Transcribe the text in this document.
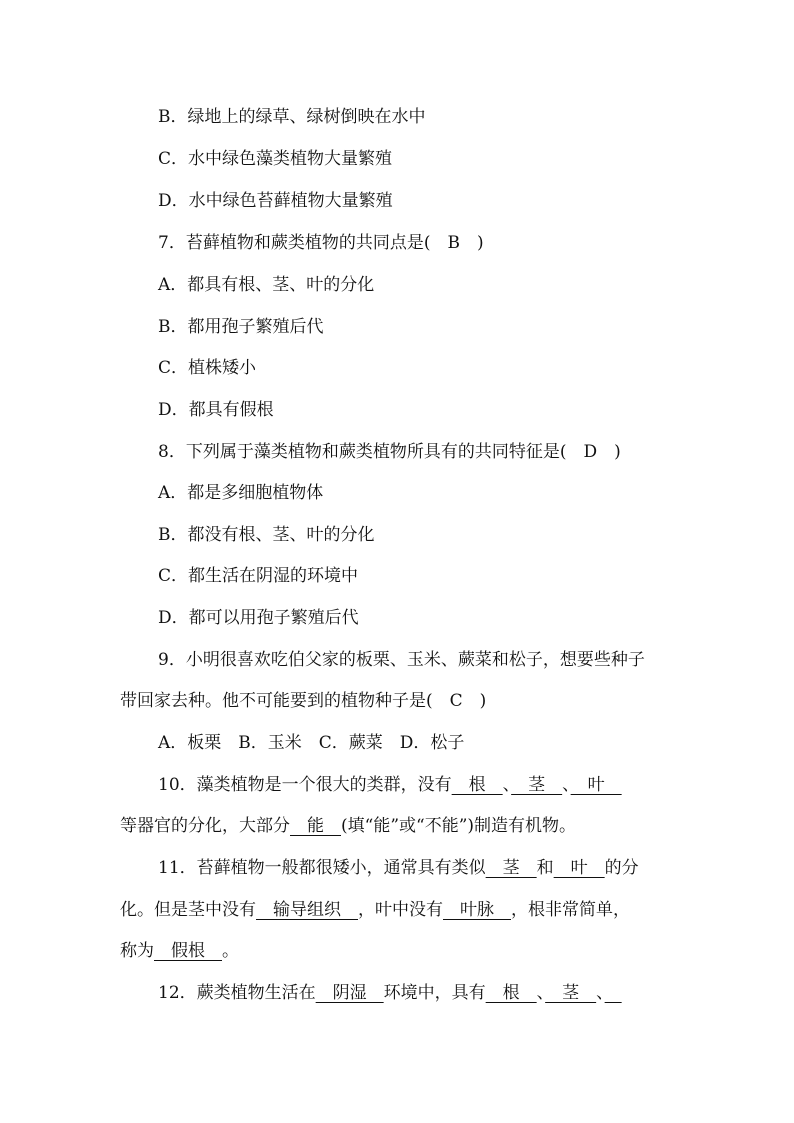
B．绿地上的绿草、绿树倒映在水中
C．水中绿色藻类植物大量繁殖
D．水中绿色苔藓植物大量繁殖
7．苔藓植物和蕨类植物的共同点是(　B　)
A．都具有根、茎、叶的分化
B．都用孢子繁殖后代
C．植株矮小
D．都具有假根
8．下列属于藻类植物和蕨类植物所具有的共同特征是(　D　)
A．都是多细胞植物体
B．都没有根、茎、叶的分化
C．都生活在阴湿的环境中
D．都可以用孢子繁殖后代
9．小明很喜欢吃伯父家的板栗、玉米、蕨菜和松子，想要些种子
带回家去种。他不可能要到的植物种子是(　C　)
A．板栗　B．玉米　C．蕨菜　D．松子
10．藻类植物是一个很大的类群，没有　根　、　茎　、　叶　
等器官的分化，大部分　能　(填“能”或“不能”)制造有机物。
11．苔藓植物一般都很矮小，通常具有类似　茎　和　叶　的分
化。但是茎中没有　输导组织　，叶中没有　叶脉　，根非常简单，
称为　假根　。
12．蕨类植物生活在　阴湿　环境中，具有　根　、　茎　、　
